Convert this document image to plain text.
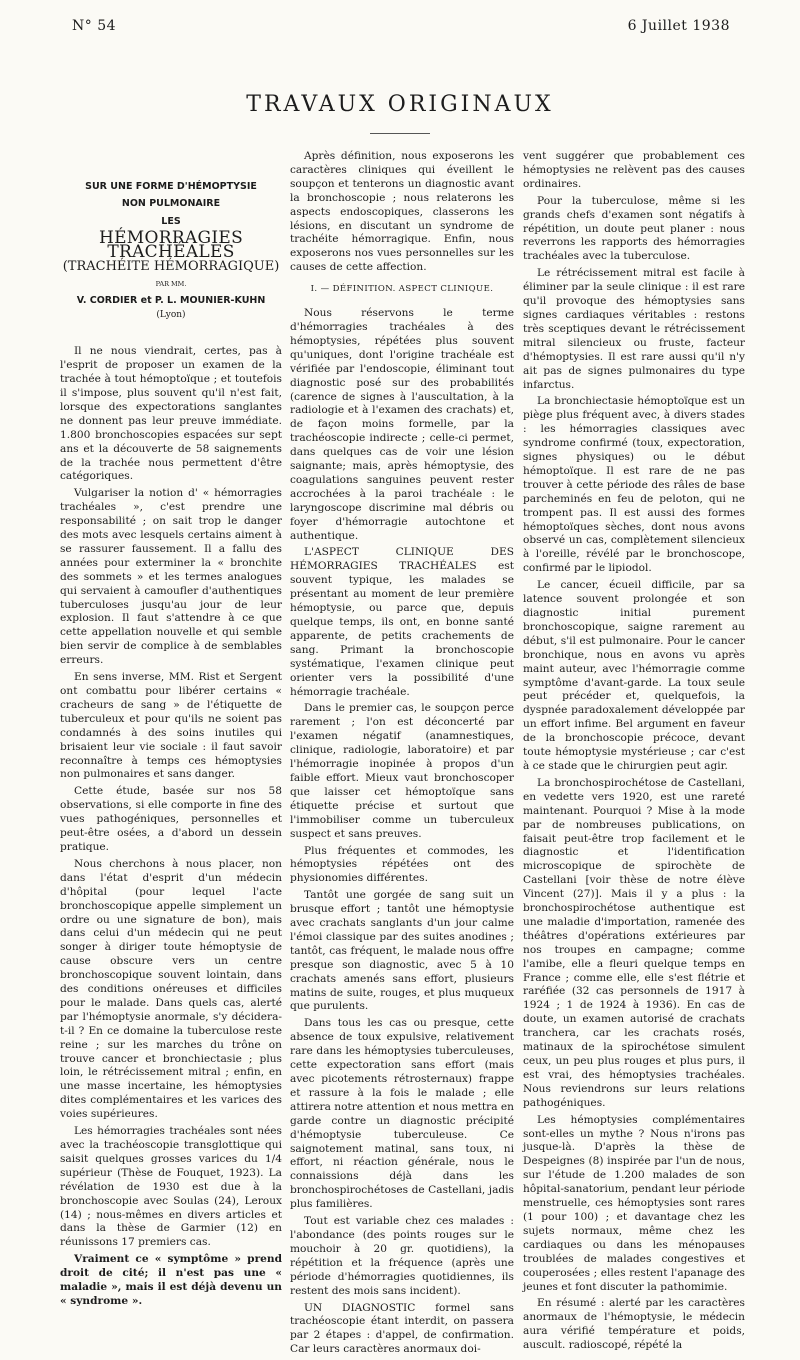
N° 54	6 Juillet 1938
TRAVAUX ORIGINAUX
SUR UNE FORME D'HÉMOPTYSIE
NON PULMONAIRE
LES
HÉMORRAGIES TRACHÉALES
(TRACHÉITE HÉMORRAGIQUE)
PAR MM.
V. CORDIER et P. L. MOUNIER-KUHN
(Lyon)

Il ne nous viendrait, certes, pas à l'esprit de proposer un examen de la trachée à tout hémoptoïque ; et toutefois il s'impose, plus souvent qu'il n'est fait, lorsque des expectorations sanglantes ne donnent pas leur preuve immédiate. 1.800 bronchoscopies espacées sur sept ans et la découverte de 58 saignements de la trachée nous permettent d'être catégoriques.

Vulgariser la notion d' « hémorragies trachéales », c'est prendre une responsabilité ; on sait trop le danger des mots avec lesquels certains aiment à se rassurer faussement. Il a fallu des années pour exterminer la « bronchite des sommets » et les termes analogues qui servaient à camoufler d'authentiques tuberculoses jusqu'au jour de leur explosion. Il faut s'attendre à ce que cette appellation nouvelle et qui semble bien servir de complice à de semblables erreurs.

En sens inverse, MM. Rist et Sergent ont combattu pour libérer certains « cracheurs de sang » de l'étiquette de tuberculeux et pour qu'ils ne soient pas condamnés à des soins inutiles qui brisaient leur vie sociale : il faut savoir reconnaître à temps ces hémoptysies non pulmonaires et sans danger.

Cette étude, basée sur nos 58 observations, si elle comporte in fine des vues pathogéniques, personnelles et peut-être osées, a d'abord un dessein pratique.

Nous cherchons à nous placer, non dans l'état d'esprit d'un médecin d'hôpital (pour lequel l'acte bronchoscopique appelle simplement un ordre ou une signature de bon), mais dans celui d'un médecin qui ne peut songer à diriger toute hémoptysie de cause obscure vers un centre bronchoscopique souvent lointain, dans des conditions onéreuses et difficiles pour le malade. Dans quels cas, alerté par l'hémoptysie anormale, s'y décidera-t-il ? En ce domaine la tuberculose reste reine ; sur les marches du trône on trouve cancer et bronchiectasie ; plus loin, le rétrécissement mitral ; enfin, en une masse incertaine, les hémoptysies dites complémentaires et les varices des voies supérieures.

Les hémorragies trachéales sont nées avec la trachéoscopie transglottique qui saisit quelques grosses varices du 1/4 supérieur (Thèse de Fouquet, 1923). La révélation de 1930 est due à la bronchoscopie avec Soulas (24), Leroux (14) ; nous-mêmes en divers articles et dans la thèse de Garmier (12) en réunissons 17 premiers cas.

Vraiment ce « symptôme » prend droit de cité; il n'est pas une « maladie », mais il est déjà devenu un « syndrome ».

Après définition, nous exposerons les caractères cliniques qui éveillent le soupçon et tenterons un diagnostic avant la bronchoscopie ; nous relaterons les aspects endoscopiques, classerons les lésions, en discutant un syndrome de trachéite hémorragique. Enfin, nous exposerons nos vues personnelles sur les causes de cette affection.

I. — DÉFINITION. ASPECT CLINIQUE.

Nous réservons le terme d'hémorragies trachéales à des hémoptysies, répétées plus souvent qu'uniques, dont l'origine trachéale est vérifiée par l'endoscopie, éliminant tout diagnostic posé sur des probabilités (carence de signes à l'auscultation, à la radiologie et à l'examen des crachats) et, de façon moins formelle, par la trachéoscopie indirecte ; celle-ci permet, dans quelques cas de voir une lésion saignante; mais, après hémoptysie, des coagulations sanguines peuvent rester accrochées à la paroi trachéale : le laryngoscope discrimine mal débris ou foyer d'hémorragie autochtone et authentique.

L'ASPECT CLINIQUE DES HÉMORRAGIES TRACHÉALES est souvent typique, les malades se présentant au moment de leur première hémoptysie, ou parce que, depuis quelque temps, ils ont, en bonne santé apparente, de petits crachements de sang. Primant la bronchoscopie systématique, l'examen clinique peut orienter vers la possibilité d'une hémorragie trachéale.

Dans le premier cas, le soupçon perce rarement ; l'on est déconcerté par l'examen négatif (anamnestiques, clinique, radiologie, laboratoire) et par l'hémorragie inopinée à propos d'un faible effort. Mieux vaut bronchoscoper que laisser cet hémoptoïque sans étiquette précise et surtout que l'immobiliser comme un tuberculeux suspect et sans preuves.

Plus fréquentes et commodes, les hémoptysies répétées ont des physionomies différentes.

Tantôt une gorgée de sang suit un brusque effort ; tantôt une hémoptysie avec crachats sanglants d'un jour calme l'émoi classique par des suites anodines ; tantôt, cas fréquent, le malade nous offre presque son diagnostic, avec 5 à 10 crachats amenés sans effort, plusieurs matins de suite, rouges, et plus muqueux que purulents.

Dans tous les cas ou presque, cette absence de toux expulsive, relativement rare dans les hémoptysies tuberculeuses, cette expectoration sans effort (mais avec picotements rétrosternaux) frappe et rassure à la fois le malade ; elle attirera notre attention et nous mettra en garde contre un diagnostic précipité d'hémoptysie tuberculeuse. Ce saignotement matinal, sans toux, ni effort, ni réaction générale, nous le connaissions déjà dans les bronchospirochétoses de Castellani, jadis plus familières.

Tout est variable chez ces malades : l'abondance (des points rouges sur le mouchoir à 20 gr. quotidiens), la répétition et la fréquence (après une période d'hémorragies quotidiennes, ils restent des mois sans incident).

UN DIAGNOSTIC formel sans trachéoscopie étant interdit, on passera par 2 étapes : d'appel, de confirmation. Car leurs caractères anormaux doi-

vent suggérer que probablement ces hémoptysies ne relèvent pas des causes ordinaires.

Pour la tuberculose, même si les grands chefs d'examen sont négatifs à répétition, un doute peut planer : nous reverrons les rapports des hémorragies trachéales avec la tuberculose.

Le rétrécissement mitral est facile à éliminer par la seule clinique : il est rare qu'il provoque des hémoptysies sans signes cardiaques véritables : restons très sceptiques devant le rétrécissement mitral silencieux ou fruste, facteur d'hémoptysies. Il est rare aussi qu'il n'y ait pas de signes pulmonaires du type infarctus.

La bronchiectasie hémoptoïque est un piège plus fréquent avec, à divers stades : les hémorragies classiques avec syndrome confirmé (toux, expectoration, signes physiques) ou le début hémoptoïque. Il est rare de ne pas trouver à cette période des râles de base parcheminés en feu de peloton, qui ne trompent pas. Il est aussi des formes hémoptoïques sèches, dont nous avons observé un cas, complètement silencieux à l'oreille, révélé par le bronchoscope, confirmé par le lipiodol.

Le cancer, écueil difficile, par sa latence souvent prolongée et son diagnostic initial purement bronchoscopique, saigne rarement au début, s'il est pulmonaire. Pour le cancer bronchique, nous en avons vu après maint auteur, avec l'hémorragie comme symptôme d'avant-garde. La toux seule peut précéder et, quelquefois, la dyspnée paradoxalement développée par un effort infime. Bel argument en faveur de la bronchoscopie précoce, devant toute hémoptysie mystérieuse ; car c'est à ce stade que le chirurgien peut agir.

La bronchospirochétose de Castellani, en vedette vers 1920, est une rareté maintenant. Pourquoi ? Mise à la mode par de nombreuses publications, on faisait peut-être trop facilement et le diagnostic et l'identification microscopique de spirochète de Castellani [voir thèse de notre élève Vincent (27)]. Mais il y a plus : la bronchospirochétose authentique est une maladie d'importation, ramenée des théâtres d'opérations extérieures par nos troupes en campagne; comme l'amibe, elle a fleuri quelque temps en France ; comme elle, elle s'est flétrie et raréfiée (32 cas personnels de 1917 à 1924 ; 1 de 1924 à 1936). En cas de doute, un examen autorisé de crachats tranchera, car les crachats rosés, matinaux de la spirochétose simulent ceux, un peu plus rouges et plus purs, il est vrai, des hémoptysies trachéales. Nous reviendrons sur leurs relations pathogéniques.

Les hémoptysies complémentaires sont-elles un mythe ? Nous n'irons pas jusque-là. D'après la thèse de Despeignes (8) inspirée par l'un de nous, sur l'étude de 1.200 malades de son hôpital-sanatorium, pendant leur période menstruelle, ces hémoptysies sont rares (1 pour 100) ; et davantage chez les sujets normaux, même chez les cardiaques ou dans les ménopauses troublées de malades congestives et couperosées ; elles restent l'apanage des jeunes et font discuter la pathomimie.

En résumé : alerté par les caractères anormaux de l'hémoptysie, le médecin aura vérifié température et poids, auscult. radioscopé, répété la
